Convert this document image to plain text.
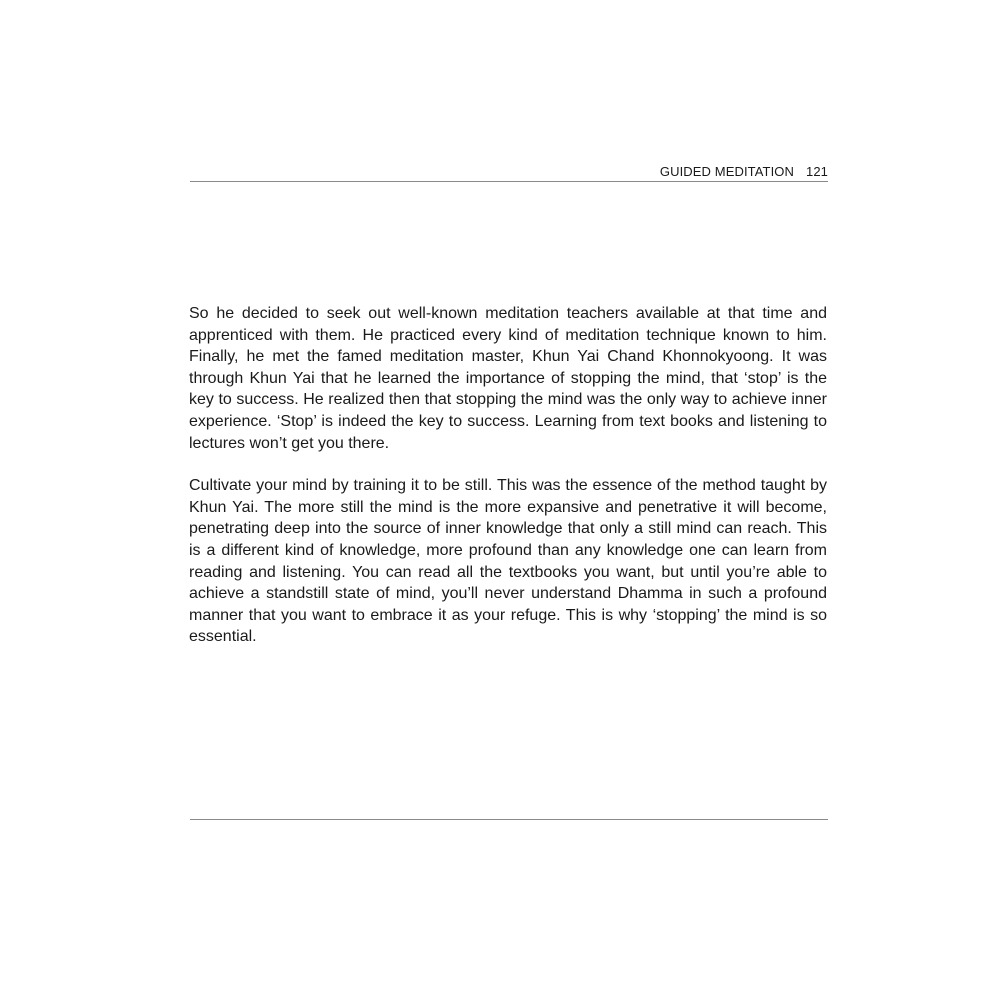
GUIDED MEDITATION 121

So he decided to seek out well-known meditation teachers available at that time and apprenticed with them. He practiced every kind of meditation technique known to him. Finally, he met the famed meditation master, Khun Yai Chand Khonnokyoong. It was through Khun Yai that he learned the importance of stopping the mind, that ‘stop’ is the key to success. He realized then that stopping the mind was the only way to achieve inner experience. ‘Stop’ is indeed the key to success. Learning from text books and listening to lectures won’t get you there.

Cultivate your mind by training it to be still. This was the essence of the method taught by Khun Yai. The more still the mind is the more expansive and penetrative it will become, penetrating deep into the source of inner knowledge that only a still mind can reach. This is a different kind of knowledge, more profound than any knowledge one can learn from reading and listening. You can read all the textbooks you want, but until you’re able to achieve a standstill state of mind, you’ll never understand Dhamma in such a profound manner that you want to embrace it as your refuge. This is why ‘stopping’ the mind is so essential.
